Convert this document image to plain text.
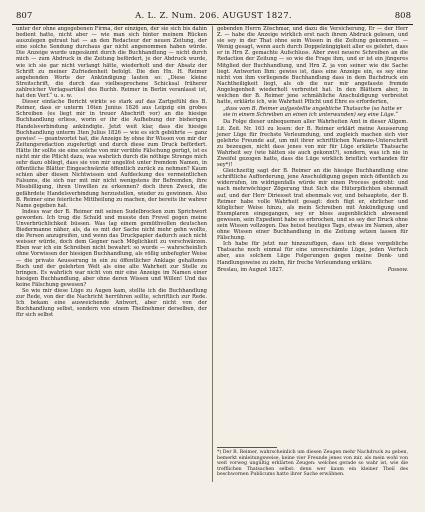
807	A. L. Z. Num. 206. AUGUST 1827.	808

unter der ohne angegebenen Firma, der einzigen, der sie sich bis dahin bedient hatte, nicht aber — wie man sich hinter meinem Rücken auszulegen getraut hat — an den Redacteur der neuen Zeitung, der eine solche Sendung durchaus gar nicht angenommen haben würde. Die Anzeige wurde ungesäumt durch die Buchhandlung — nicht durch mich — zum Abdruck in die Zeitung befördert, je der Abdruck wurde, wie ich sie gar nicht verlangt hätte, wiederholt und der Absatz der Schrift zu meiner Zufriedenheit befolgt. Die den Hn. H. Reimer angehenden Worte der Ankündigung lauten so: „Diese kleine Streitschrift, die durch das vielbesprochene Schicksal früherer zahlreicher Verlagsartikel des Buchh. Reimer in Berlin veranlasst ist, hat den Verf.“ u. s. w.

Dieser einfache Bericht wirkte so stark auf das Zartgefühl des B. Reimer, dass er unterm 16ten Junius 1826 aus Leipzig ein grobes Schreiben (es liegt mir in treuer Abschrift vor) an die hiesige Buchhandlung erliess, worin er ihr die Aufhebung der bisherigen Handelsverbindung ankündigte. Jetzt weit klar, dass die hiesige Buchhandlung unterm 3ten Julius 1826 — wie es sich gebührte — ganz gewiss! — geantwortet hat, die Anzeige by ohne ihr Wissen von mir der Zeitungsredaction zugefertigt und durch diese zum Druck befördert. Hätte ihr sollte sie eine solche von mir verübte Fälschung gerügt, ist es nicht mir die Pflicht dazu, was wahrlich durch die nöthige Strenge mich sehr dazu obliegt, dass sie von mir ungelöst unter fremdem Namen, in öffentliche Blätter Eingeschwärzte öffentlich zurück zu nehmen? Kaum schien aber diesen Nichtwissen und Aufdeckung des vermeintlichen Falsums, die sich nur mit mir nicht wenigstens ihr Befremden, ihre Missbilligung, ihren Unwillen zu erkennen? doch ihren Zweck, die gefährdete Handelsverbindung herzustellen, wieder zu gewinnen. Also B. Reimer eine feierliche Mittheilung zu machen, der bereits ihr wahrer Name gegeben hat.

Indess war der B. Reimer mit seinen Sudelbrocken zum Sprichwort geworden. Ich trug die Schuld und musste den Frevel gegen meine Unverbrüchlichkeit büssen. Was lag einem gemüthvollen deutschen Biedermanne näher, als, da es mit der Sache nicht mehr gehn wollte, die Person anzugreifen, und wenn das Druckpapier dadurch auch nicht weisser würde, doch dem Gegner nach Möglichkeit zu verschwärzen. Eben war ich ein Schreiben nicht bewahrt: so wurde — wahrscheinlich ohne Vorwissen der hiesigen Buchhandlung, als völlig unbefugter Weise — die private Aeusserung in ein zu öffentlicher Anklage gehaltenes Buch und der gelehrten Welt als eine alte Wahrheit zur Stelle zu bringen. Es wahrlich war nicht von mir eine Anzeige im Namen einer hiesigen Buchhandlung, aber ohne deren Wissen und Willen! Und das keine Fälschung gewesen?

So wie mir diese Lüge zu Augen kam, stellte ich die Buchhandlung zur Rede, von der die Nachricht herrühren sollte, schriftlich zur Rede. Ich bekam eine ausweichende Antwort, aber nicht von der Buchhandlung selbst, sondern von einem Theilnehmer derselben, der für sich selbst

gebenden Herrn Zöschmar, und dazu die Versicherung, Er — der Herr Z. — habe die Anzeige wirklich erst nach ihrem Abdruck gelesen, und sie sey in der That ohne sein Wissen in die Zeitung gekommen. — Wenig gesagt, wenn auch durch Doppelzüngigkeit aller es gelehrt, dass er in Hrn Z. gemachte Aufschluss. Aber zwei neuere Schreiben an die Redaction der Zeitung — so wie die Frage ihm, und er ist ein jüngeres Mitglied der Buchhandlung, und Hrn Z. ja von seiner wie die Sache liegt. Antworten Ihm: gewiss ist, dass eine Anzeige ein, es sey eine nicht von ihm vorliegende Buchhandlung dass in dem Buchdruck ein Nachtheiligkeit liegt, als ob die nur mir angefasste fremde Angelegenheit wiederholt verbreitet hat. In den Blättern aber, in welchen der B. Reimer jene schmähliche Anschuldigung verbreitet hatte, erklärte ich, wie Wahrheit Pflicht und Ehre es erforderten,

„dass vom B. Reimer aufgestellte angebliche Thatsache (so hatte er sie in einem Schreiben an einen ich unterwunden) sey eine Lüge.“

Da Folge dieser unbequemen aller Wahrheiten Amt in dieser Allgem. Lit. Zeit. Nr. 163 zu lesen: der B. Reimer erklärt meine Aeusserung jener Lüge für frechste Verleumdung, und zugleich machen sich vier gelehrte Freunde auf, um mit ihrer schriftlichen Namens-Unterschrift zu bezeugen, nicht dass jenes von mir für Lüge erklärte Thatsache Wahrheit sey (wie hätten sie auch gekonnt?), sondern, was ich nie in Zweifel gezogen hatte, dass die Lüge wirklich brieflich vorhanden für sey*)!

Gleichzeitig sagt der B. Reimer an die hiesige Buchhandlung eine schriftliche Aufforderung, jene Anschuldigung gegen mich öffentlich zu widerrufen, im widrigenfalls würde mir einen Process gedroht: und nach mehrwöchiger Zögerung thut Sich die Hüterpflichten ebenmalt auf, und der Herr Diriesset trat ebenmals vor, und behauptete, der B. Reimer habe volle Wahrheit gesagt: doch fügt er, ehrlicher und klüglicher Weise hinzu, als mein Schreiben mit Ankündigung und Exemplaren eingegangen, sey er bloss augenblicklich abwesend gewesen, sein Expedient habe es erbrochen, und so sey der Druck ohne sein Wissen vollzogen. Das heisst heutiges Tags, etwas im Namen, aber ohne Wissen einer Buchhandlung in die Zeitung setzen lassen für Fälschung.

Ich habe für jetzt nur hinzuzufügen, dass ich diese vorgebliche Thatsache noch einmal für eine unverschämte Lüge, jeden Verfuch aber, aus solchem Lüge Folgerungen gegen meine Denk- und Handlungsweise zu ziehn, für freche Verleumdung erkläre.

Breslau, im August 1827.	Passow.

*) Der B. Reimer, wahrscheinlich um diesen Zeugen mehr Nachdruck zu geben, bemerkt einleitungsweise, keine vier Freunde jenes von mir, als mein wohl von weit vorweg ungültig erklärten Zeugen: welches gerade so wahr ist, wie die trefflichen Thatsachen selbst: denn wer kaum ein kleiner Theil des beschwornen Publicums hatte ihrer Sache erwähnen.
